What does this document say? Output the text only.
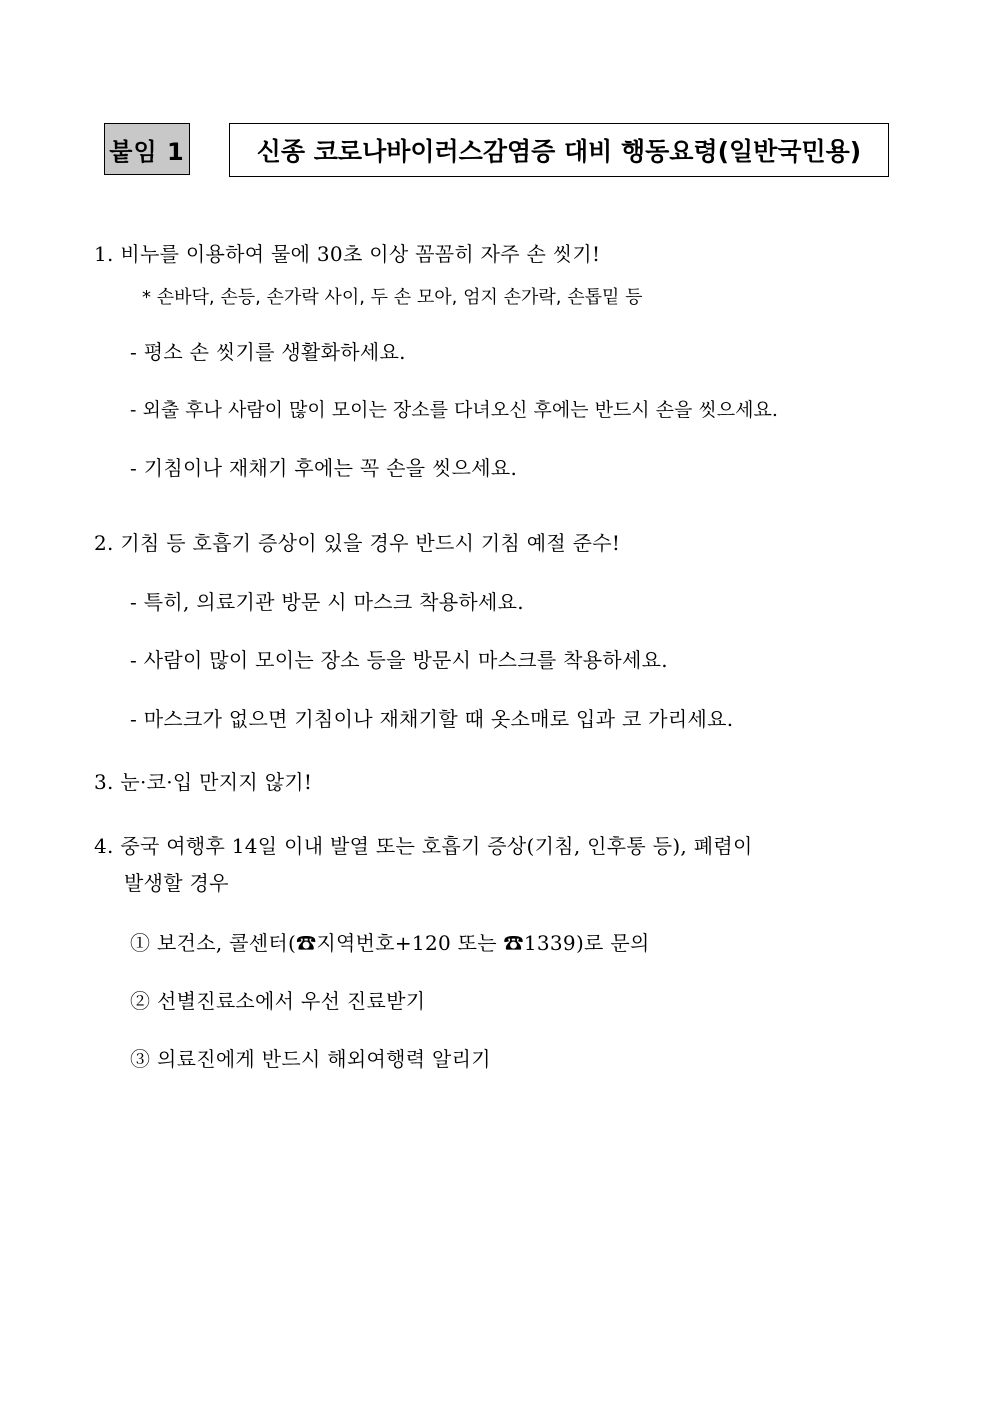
붙임 1	신종 코로나바이러스감염증 대비 행동요령(일반국민용)
1. 비누를 이용하여 물에 30초 이상 꼼꼼히 자주 손 씻기!
* 손바닥, 손등, 손가락 사이, 두 손 모아, 엄지 손가락, 손톱밑 등
- 평소 손 씻기를 생활화하세요.
- 외출 후나 사람이 많이 모이는 장소를 다녀오신 후에는 반드시 손을 씻으세요.
- 기침이나 재채기 후에는 꼭 손을 씻으세요.
2. 기침 등 호흡기 증상이 있을 경우 반드시 기침 예절 준수!
- 특히, 의료기관 방문 시 마스크 착용하세요.
- 사람이 많이 모이는 장소 등을 방문시 마스크를 착용하세요.
- 마스크가 없으면 기침이나 재채기할 때 옷소매로 입과 코 가리세요.
3. 눈·코·입 만지지 않기!
4. 중국 여행후 14일 이내 발열 또는 호흡기 증상(기침, 인후통 등), 폐렴이
발생할 경우
① 보건소, 콜센터(☎지역번호+120 또는 ☎1339)로 문의
② 선별진료소에서 우선 진료받기
③ 의료진에게 반드시 해외여행력 알리기
